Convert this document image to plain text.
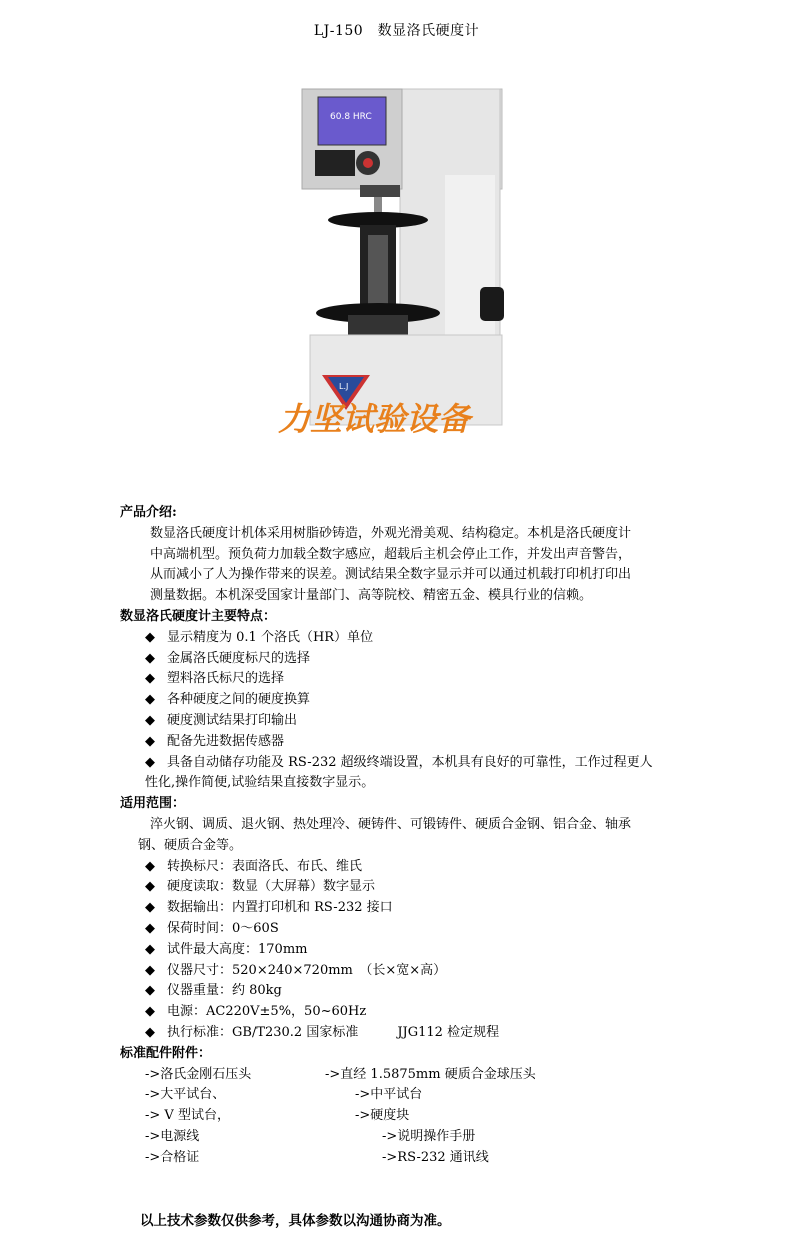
LJ-150　数显洛氏硬度计
60.8 HRC
L.J
力坚试验设备
产品介绍:
数显洛氏硬度计机体采用树脂砂铸造，外观光滑美观、结构稳定。本机是洛氏硬度计
中高端机型。预负荷力加载全数字感应，超载后主机会停止工作，并发出声音警告，
从而减小了人为操作带来的误差。测试结果全数字显示并可以通过机载打印机打印出
测量数据。本机深受国家计量部门、高等院校、精密五金、模具行业的信赖。
数显洛氏硬度计主要特点：
◆ 显示精度为 0.1 个洛氏（HR）单位
◆ 金属洛氏硬度标尺的选择
◆ 塑料洛氏标尺的选择
◆ 各种硬度之间的硬度换算
◆ 硬度测试结果打印输出
◆ 配备先进数据传感器
◆ 具备自动储存功能及 RS-232 超级终端设置，本机具有良好的可靠性，工作过程更人
性化,操作简便,试验结果直接数字显示。
适用范围：
淬火钢、调质、退火钢、热处理冷、硬铸件、可锻铸件、硬质合金钢、铝合金、轴承
钢、硬质合金等。
◆ 转换标尺：表面洛氏、布氏、维氏
◆ 硬度读取：数显（大屏幕）数字显示
◆ 数据输出：内置打印机和 RS-232 接口
◆ 保荷时间：0～60S
◆ 试件最大高度：170mm
◆ 仪器尺寸：520×240×720mm　（长×宽×高）
◆ 仪器重量：约 80kg
◆ 电源：AC220V±5%，50~60Hz
◆ 执行标准：GB/T230.2 国家标准　　　JJG112 检定规程
标准配件附件：
->洛氏金刚石压头	->直经 1.5875mm 硬质合金球压头
->大平试台、	->中平试台
-> V 型试台，	->硬度块
->电源线	->说明操作手册
->合格证	->RS-232 通讯线
以上技术参数仅供参考，具体参数以沟通协商为准。
